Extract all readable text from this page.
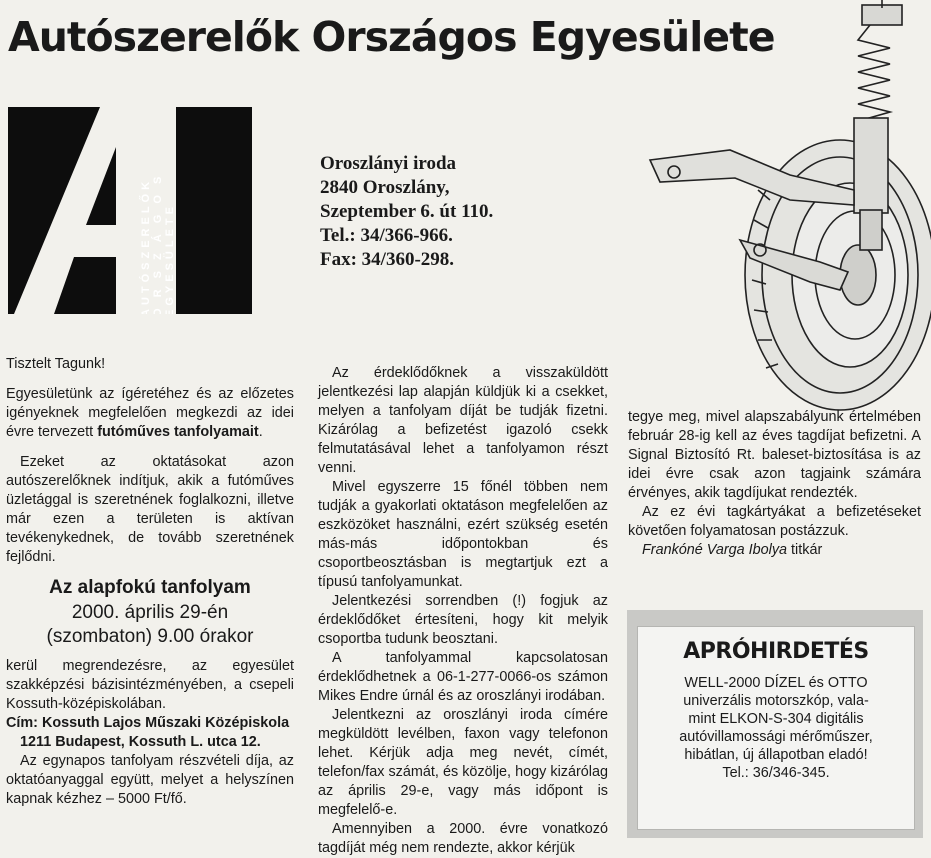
Autószerelők Országos Egyesülete
O
Oroszlányi iroda
2840 Oroszlány,
Szeptember 6. út 110.
Tel.: 34/366-966.
Fax: 34/360-298.

Tisztelt Tagunk!

Egyesületünk az ígéretéhez és az előzetes igényeknek megfelelően megkezdi az idei évre tervezett futóműves tanfolyamait.

Ezeket az oktatásokat azon autószerelőknek indítjuk, akik a futóműves üzletággal is szeretnének foglalkozni, illetve már ezen a területen is aktívan tevékenykednek, de tovább szeretnének fejlődni.

Az alapfokú tanfolyam
2000. április 29-én
(szombaton) 9.00 órakor

kerül megrendezésre, az egyesület szakképzési bázisintézményében, a csepeli Kossuth-középiskolában.

Cím: Kossuth Lajos Műszaki Középiskola

1211 Budapest, Kossuth L. utca 12.

Az egynapos tanfolyam részvételi díja, az oktatóanyaggal együtt, melyet a helyszínen kapnak kézhez – 5000 Ft/fő.

Az érdeklődőknek a visszaküldött jelentkezési lap alapján küldjük ki a csekket, melyen a tanfolyam díját be tudják fizetni. Kizárólag a befizetést igazoló csekk felmutatásával lehet a tanfolyamon részt venni.

Mivel egyszerre 15 főnél többen nem tudják a gyakorlati oktatáson megfelelően az eszközöket használni, ezért szükség esetén más-más időpontokban és csoportbeosztásban is megtartjuk ezt a típusú tanfolyamunkat.

Jelentkezési sorrendben (!) fogjuk az érdeklődőket értesíteni, hogy kit melyik csoportba tudunk beosztani.

A tanfolyammal kapcsolatosan érdeklődhetnek a 06-1-277-0066-os számon Mikes Endre úrnál és az oroszlányi irodában.

Jelentkezni az oroszlányi iroda címére megküldött levélben, faxon vagy telefonon lehet. Kérjük adja meg nevét, címét, telefon/fax számát, és közölje, hogy kizárólag az április 29-e, vagy más időpont is megfelelő-e.

Amennyiben a 2000. évre vonatkozó tagdíját még nem rendezte, akkor kérjük

tegye meg, mivel alapszabályunk értelmében február 28-ig kell az éves tagdíjat befizetni. A Signal Biztosító Rt. baleset-biztosítása is az idei évre csak azon tagjaink számára érvényes, akik tagdíjukat rendezték.

Az ez évi tagkártyákat a befizetéseket követően folyamatosan postázzuk.

Frankóné Varga Ibolya titkár

APRÓHIRDETÉS
WELL-2000 DÍZEL és OTTO
univerzális motorszkóp, vala-
mint ELKON-S-304 digitális
autóvillamossági mérőműszer,
hibátlan, új állapotban eladó!
Tel.: 36/346-345.
